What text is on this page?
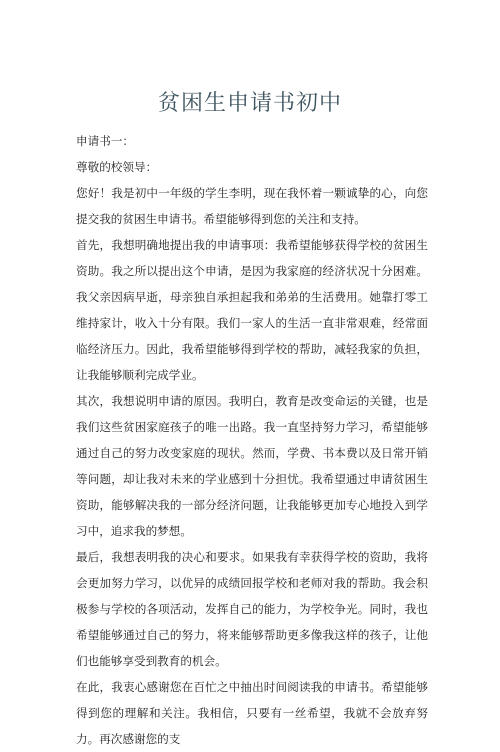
贫困生申请书初中

申请书一：

尊敬的校领导：

您好！我是初中一年级的学生李明，现在我怀着一颗诚挚的心，向您提交我的贫困生申请书。希望能够得到您的关注和支持。

首先，我想明确地提出我的申请事项：我希望能够获得学校的贫困生资助。我之所以提出这个申请，是因为我家庭的经济状况十分困难。我父亲因病早逝，母亲独自承担起我和弟弟的生活费用。她靠打零工维持家计，收入十分有限。我们一家人的生活一直非常艰难，经常面临经济压力。因此，我希望能够得到学校的帮助，减轻我家的负担，让我能够顺利完成学业。

其次，我想说明申请的原因。我明白，教育是改变命运的关键，也是我们这些贫困家庭孩子的唯一出路。我一直坚持努力学习，希望能够通过自己的努力改变家庭的现状。然而，学费、书本费以及日常开销等问题，却让我对未来的学业感到十分担忧。我希望通过申请贫困生资助，能够解决我的一部分经济问题，让我能够更加专心地投入到学习中，追求我的梦想。

最后，我想表明我的决心和要求。如果我有幸获得学校的资助，我将会更加努力学习，以优异的成绩回报学校和老师对我的帮助。我会积极参与学校的各项活动，发挥自己的能力，为学校争光。同时，我也希望能够通过自己的努力，将来能够帮助更多像我这样的孩子，让他们也能够享受到教育的机会。

在此，我衷心感谢您在百忙之中抽出时间阅读我的申请书。希望能够得到您的理解和关注。我相信，只要有一丝希望，我就不会放弃努力。再次感谢您的支
